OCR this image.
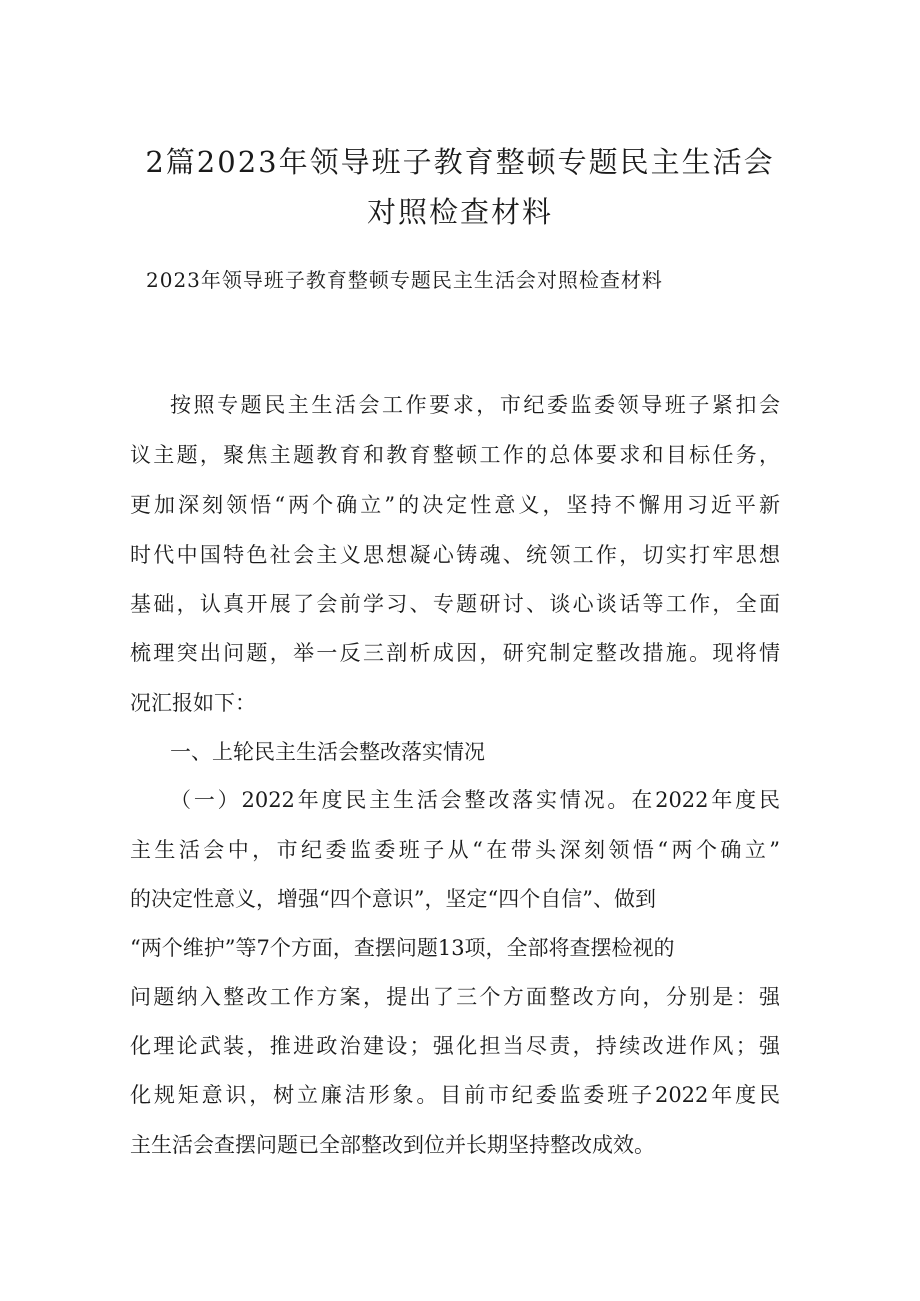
2篇2023年领导班子教育整顿专题民主生活会
对照检查材料

2023年领导班子教育整顿专题民主生活会对照检查材料

按照专题民主生活会工作要求，市纪委监委领导班子紧扣会

议主题，聚焦主题教育和教育整顿工作的总体要求和目标任务，

更加深刻领悟“两个确立”的决定性意义，坚持不懈用习近平新

时代中国特色社会主义思想凝心铸魂、统领工作，切实打牢思想

基础，认真开展了会前学习、专题研讨、谈心谈话等工作，全面

梳理突出问题，举一反三剖析成因，研究制定整改措施。现将情

况汇报如下：

一、上轮民主生活会整改落实情况

（一）2022年度民主生活会整改落实情况。在2022年度民

主生活会中，市纪委监委班子从“在带头深刻领悟“两个确立”

的决定性意义，增强“四个意识”，坚定“四个自信”、做到

“两个维护”等7个方面，查摆问题13项，全部将查摆检视的

问题纳入整改工作方案，提出了三个方面整改方向，分别是：强

化理论武装，推进政治建设；强化担当尽责，持续改进作风；强

化规矩意识，树立廉洁形象。目前市纪委监委班子2022年度民

主生活会查摆问题已全部整改到位并长期坚持整改成效。
